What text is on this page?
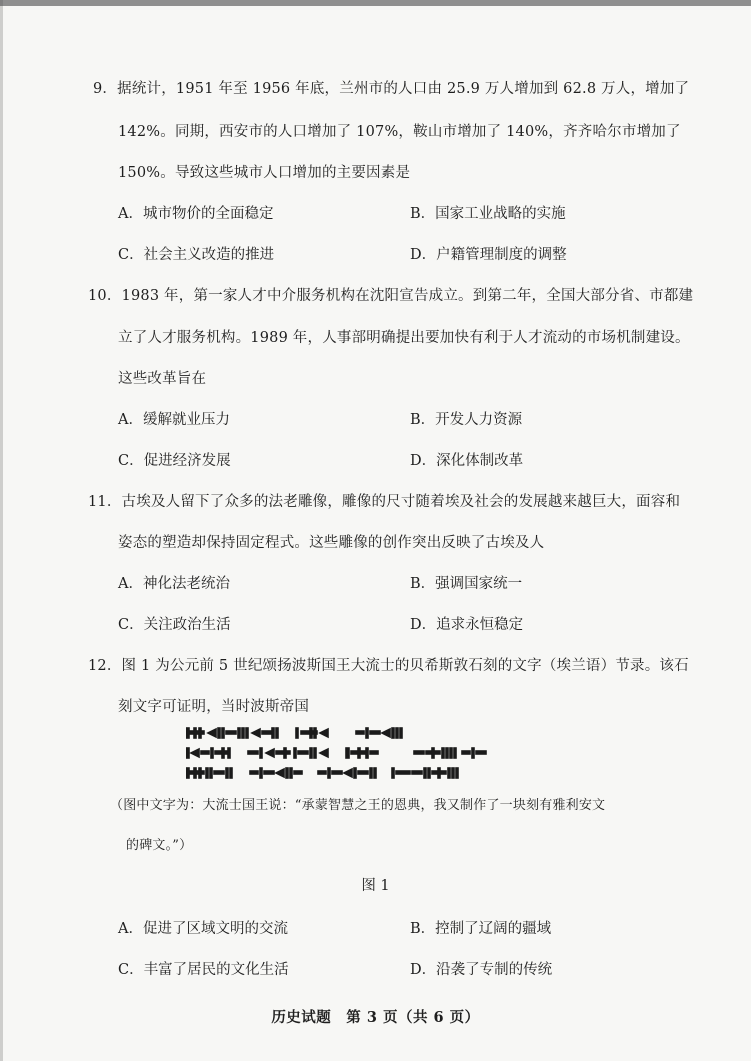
9．据统计，1951 年至 1956 年底，兰州市的人口由 25.9 万人增加到 62.8 万人，增加了
142%。同期，西安市的人口增加了 107%，鞍山市增加了 140%，齐齐哈尔市增加了
150%。导致这些城市人口增加的主要因素是
A．城市物价的全面稳定	B．国家工业战略的实施
C．社会主义改造的推进	D．户籍管理制度的调整
10．1983 年，第一家人才中介服务机构在沈阳宣告成立。到第二年，全国大部分省、市都建
立了人才服务机构。1989 年，人事部明确提出要加快有利于人才流动的市场机制建设。
这些改革旨在
A．缓解就业压力	B．开发人力资源
C．促进经济发展	D．深化体制改革
11．古埃及人留下了众多的法老雕像，雕像的尺寸随着埃及社会的发展越来越巨大，面容和
姿态的塑造却保持固定程式。这些雕像的创作突出反映了古埃及人
A．神化法老统治	B．强调国家统一
C．关注政治生活	D．追求永恒稳定
12．图 1 为公元前 5 世纪颂扬波斯国王大流士的贝希斯敦石刻的文字（埃兰语）节录。该石
刻文字可证明，当时波斯帝国
（图中文字为：大流士国王说：“承蒙智慧之王的恩典，我又制作了一块刻有雅利安文
的碑文。”）
图 1
A．促进了区域文明的交流	B．控制了辽阔的疆域
C．丰富了居民的文化生活	D．沿袭了专制的传统
历史试题　第 3 页（共 6 页）
